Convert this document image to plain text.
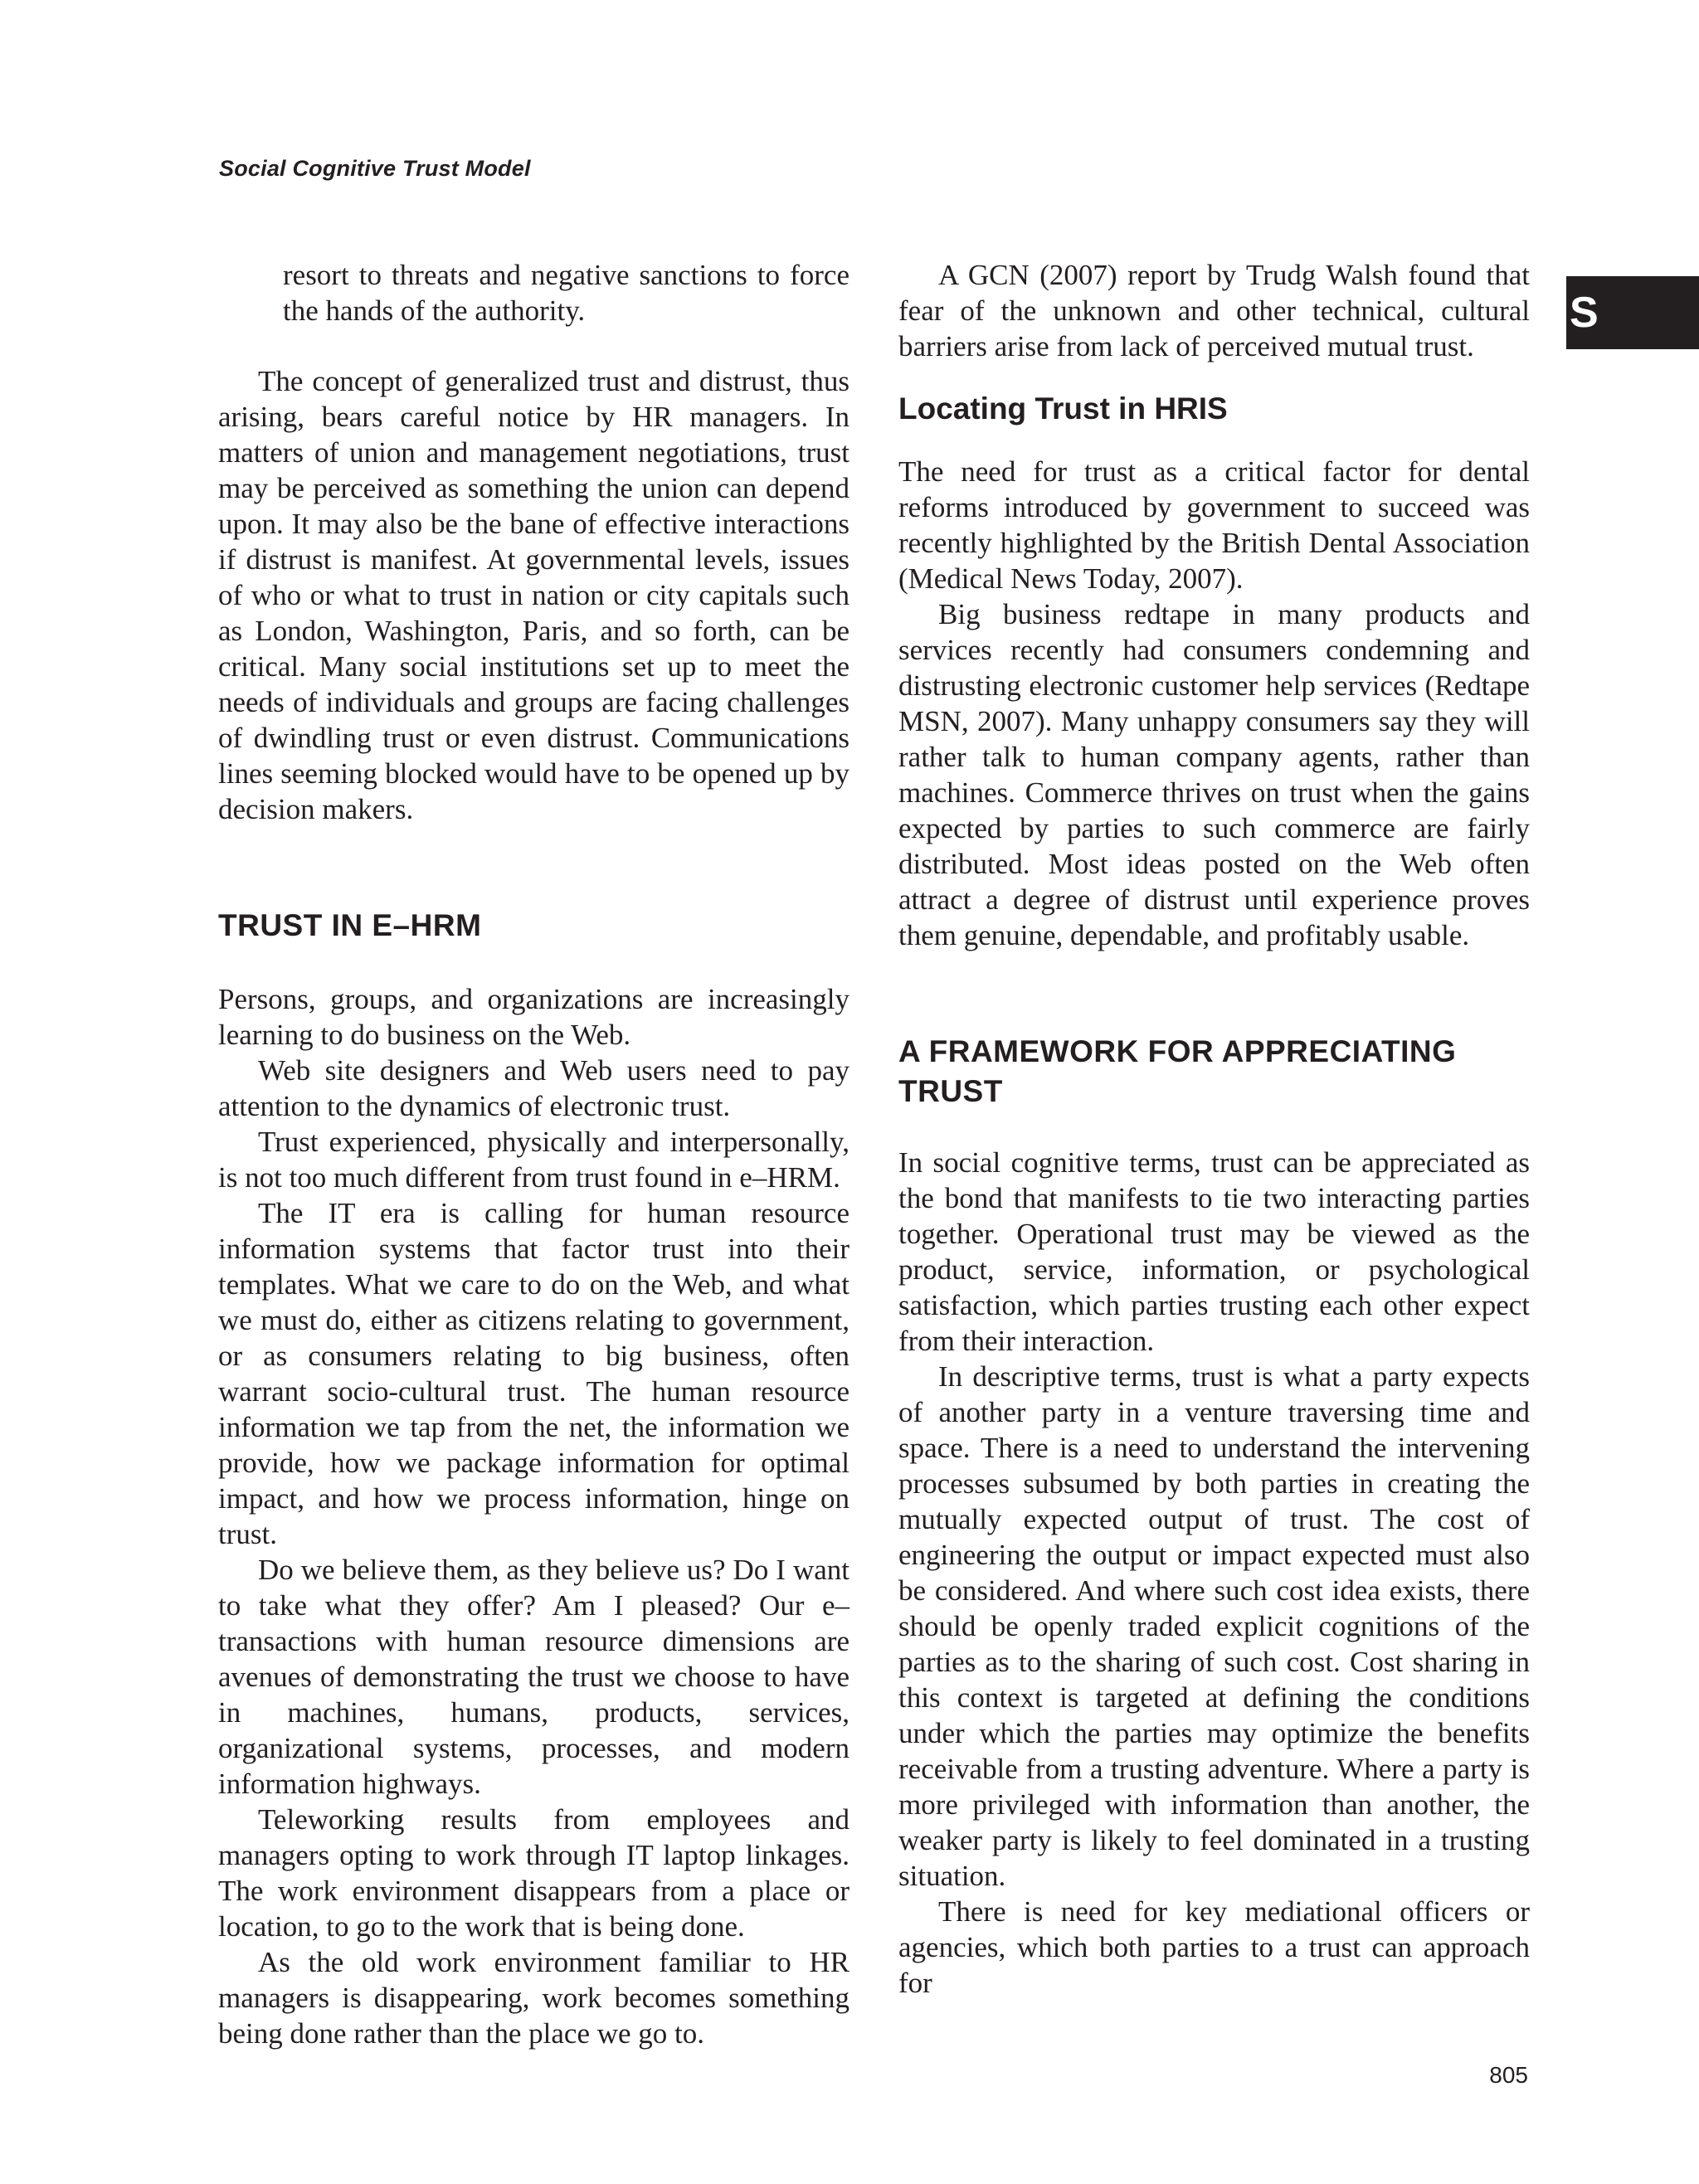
Social Cognitive Trust Model
S

resort to threats and negative sanctions to force the hands of the authority.

The concept of generalized trust and distrust, thus arising, bears careful notice by HR managers. In matters of union and management negotiations, trust may be perceived as something the union can depend upon. It may also be the bane of effective interactions if distrust is manifest. At governmental levels, issues of who or what to trust in nation or city capitals such as London, Washington, Paris, and so forth, can be critical. Many social institutions set up to meet the needs of individuals and groups are facing challenges of dwindling trust or even distrust. Communications lines seeming blocked would have to be opened up by decision makers.

TRUST IN E–HRM

Persons, groups, and organizations are increasingly learning to do business on the Web.

Web site designers and Web users need to pay attention to the dynamics of electronic trust.

Trust experienced, physically and interpersonally, is not too much different from trust found in e–HRM.

The IT era is calling for human resource information systems that factor trust into their templates. What we care to do on the Web, and what we must do, either as citizens relating to government, or as consumers relating to big business, often warrant socio-cultural trust. The human resource information we tap from the net, the information we provide, how we package information for optimal impact, and how we process information, hinge on trust.

Do we believe them, as they believe us? Do I want to take what they offer? Am I pleased? Our e–transactions with human resource dimensions are avenues of demonstrating the trust we choose to have in machines, humans, products, services, organizational systems, processes, and modern information highways.

Teleworking results from employees and managers opting to work through IT laptop linkages. The work environment disappears from a place or location, to go to the work that is being done.

As the old work environment familiar to HR managers is disappearing, work becomes something being done rather than the place we go to.

A GCN (2007) report by Trudg Walsh found that fear of the unknown and other technical, cultural barriers arise from lack of perceived mutual trust.

Locating Trust in HRIS

The need for trust as a critical factor for dental reforms introduced by government to succeed was recently highlighted by the British Dental Association (Medical News Today, 2007).

Big business redtape in many products and services recently had consumers condemning and distrusting electronic customer help services (Redtape MSN, 2007). Many unhappy consumers say they will rather talk to human company agents, rather than machines. Commerce thrives on trust when the gains expected by parties to such commerce are fairly distributed. Most ideas posted on the Web often attract a degree of distrust until experience proves them genuine, dependable, and profitably usable.

A FRAMEWORK FOR APPRECIATING TRUST

In social cognitive terms, trust can be appreciated as the bond that manifests to tie two interacting parties together. Operational trust may be viewed as the product, service, information, or psychological satisfaction, which parties trusting each other expect from their interaction.

In descriptive terms, trust is what a party expects of another party in a venture traversing time and space. There is a need to understand the intervening processes subsumed by both parties in creating the mutually expected output of trust. The cost of engineering the output or impact expected must also be considered. And where such cost idea exists, there should be openly traded explicit cognitions of the parties as to the sharing of such cost. Cost sharing in this context is targeted at defining the conditions under which the parties may optimize the benefits receivable from a trusting adventure. Where a party is more privileged with information than another, the weaker party is likely to feel dominated in a trusting situation.

There is need for key mediational officers or agencies, which both parties to a trust can approach for

805
